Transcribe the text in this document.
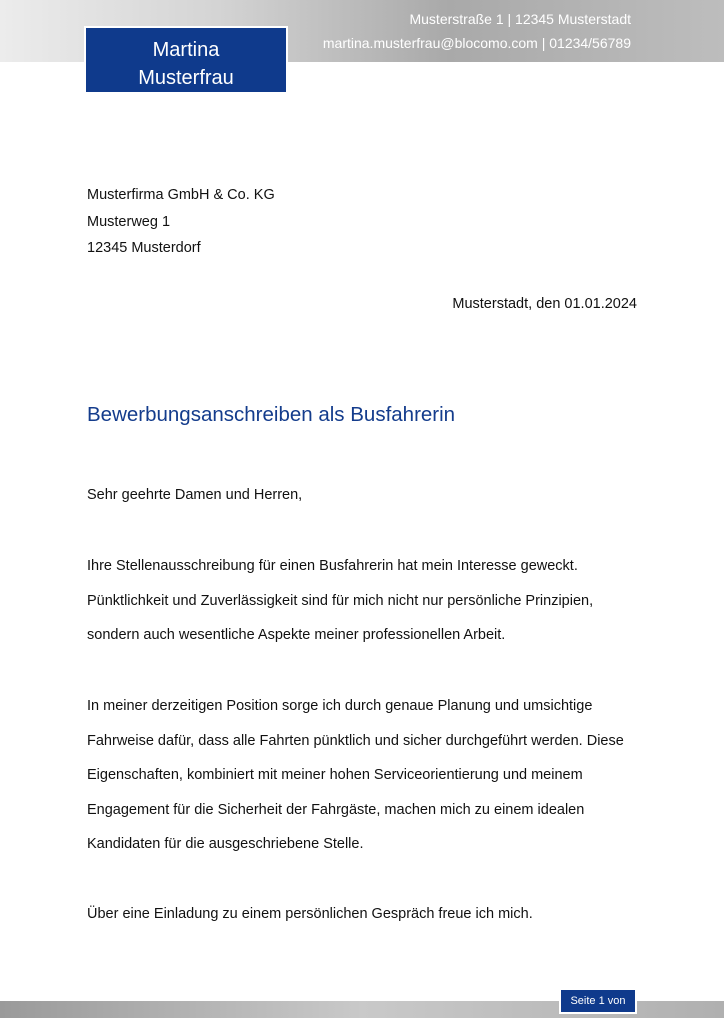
Martina
Musterfrau
Musterstraße 1 | 12345 Musterstadt
martina.musterfrau@blocomo.com | 01234/56789
Musterfirma GmbH & Co. KG
Musterweg 1
12345 Musterdorf
Musterstadt, den 01.01.2024
Bewerbungsanschreiben als Busfahrerin
Sehr geehrte Damen und Herren,
Ihre Stellenausschreibung für einen Busfahrerin hat mein Interesse geweckt.
Pünktlichkeit und Zuverlässigkeit sind für mich nicht nur persönliche Prinzipien,
sondern auch wesentliche Aspekte meiner professionellen Arbeit.
In meiner derzeitigen Position sorge ich durch genaue Planung und umsichtige
Fahrweise dafür, dass alle Fahrten pünktlich und sicher durchgeführt werden. Diese
Eigenschaften, kombiniert mit meiner hohen Serviceorientierung und meinem
Engagement für die Sicherheit der Fahrgäste, machen mich zu einem idealen
Kandidaten für die ausgeschriebene Stelle.
Über eine Einladung zu einem persönlichen Gespräch freue ich mich.
Seite 1 von
